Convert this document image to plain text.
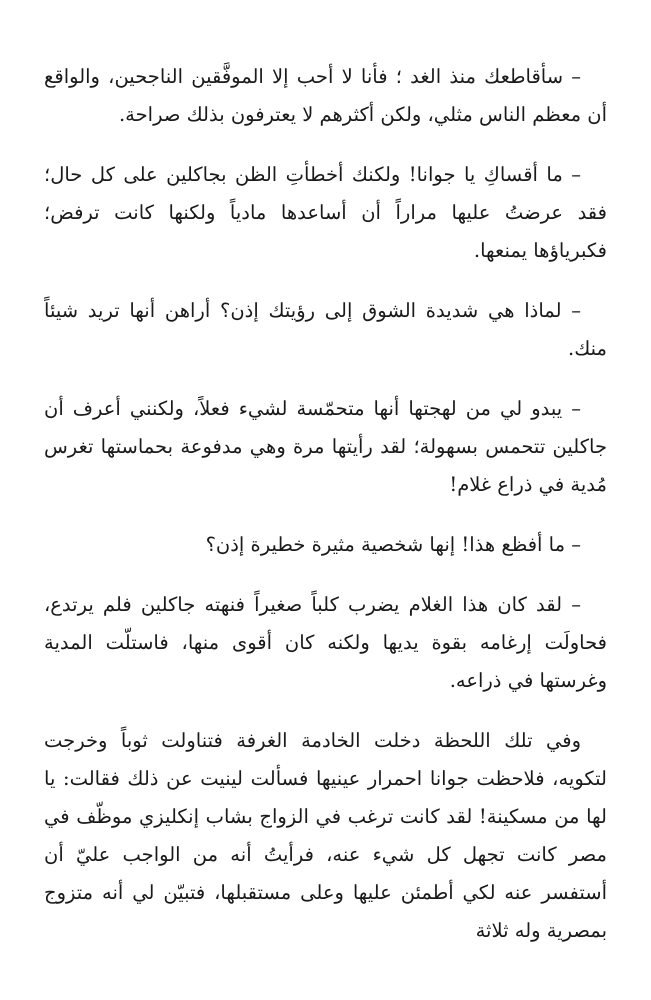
– سأقاطعك منذ الغد ؛ فأنا لا أحب إلا الموفَّقين الناجحين، والواقع أن معظم الناس مثلي، ولكن أكثرهم لا يعترفون بذلك صراحة.

– ما أقساكِ يا جوانا! ولكنك أخطأتِ الظن بجاكلين على كل حال؛ فقد عرضتُ عليها مراراً أن أساعدها مادياً ولكنها كانت ترفض؛ فكبرياؤها يمنعها.

– لماذا هي شديدة الشوق إلى رؤيتك إذن؟ أراهن أنها تريد شيئاً منك.

– يبدو لي من لهجتها أنها متحمّسة لشيء فعلاً، ولكنني أعرف أن جاكلين تتحمس بسهولة؛ لقد رأيتها مرة وهي مدفوعة بحماستها تغرس مُدية في ذراع غلام!

– ما أفظع هذا! إنها شخصية مثيرة خطيرة إذن؟

– لقد كان هذا الغلام يضرب كلباً صغيراً فنهته جاكلين فلم يرتدع، فحاولَت إرغامه بقوة يديها ولكنه كان أقوى منها، فاستلّت المدية وغرستها في ذراعه.

وفي تلك اللحظة دخلت الخادمة الغرفة فتناولت ثوباً وخرجت لتكويه، فلاحظت جوانا احمرار عينيها فسألت لينيت عن ذلك فقالت: يا لها من مسكينة! لقد كانت ترغب في الزواج بشاب إنكليزي موظّف في مصر كانت تجهل كل شيء عنه، فرأيتُ أنه من الواجب عليّ أن أستفسر عنه لكي أطمئن عليها وعلى مستقبلها، فتبيّن لي أنه متزوج بمصرية وله ثلاثة
